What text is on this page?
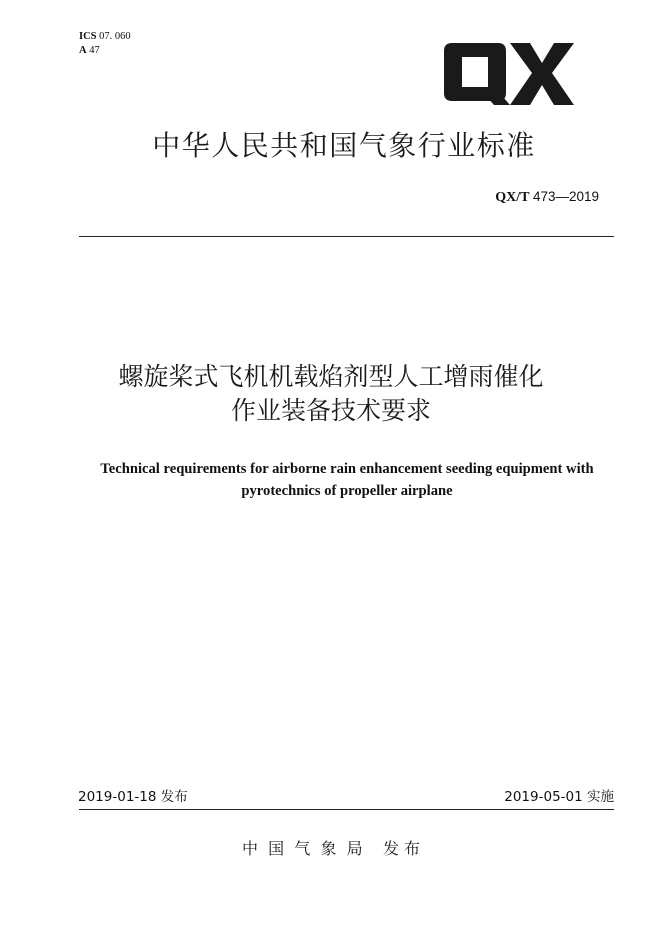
ICS 07. 060
A 47
中华人民共和国气象行业标准
QX/T 473—2019
螺旋桨式飞机机载焰剂型人工增雨催化
作业装备技术要求
Technical requirements for airborne rain enhancement seeding equipment with
pyrotechnics of propeller airplane
2019-01-18 发布	2019-05-01 实施
中  国  气  象  局    发 布
